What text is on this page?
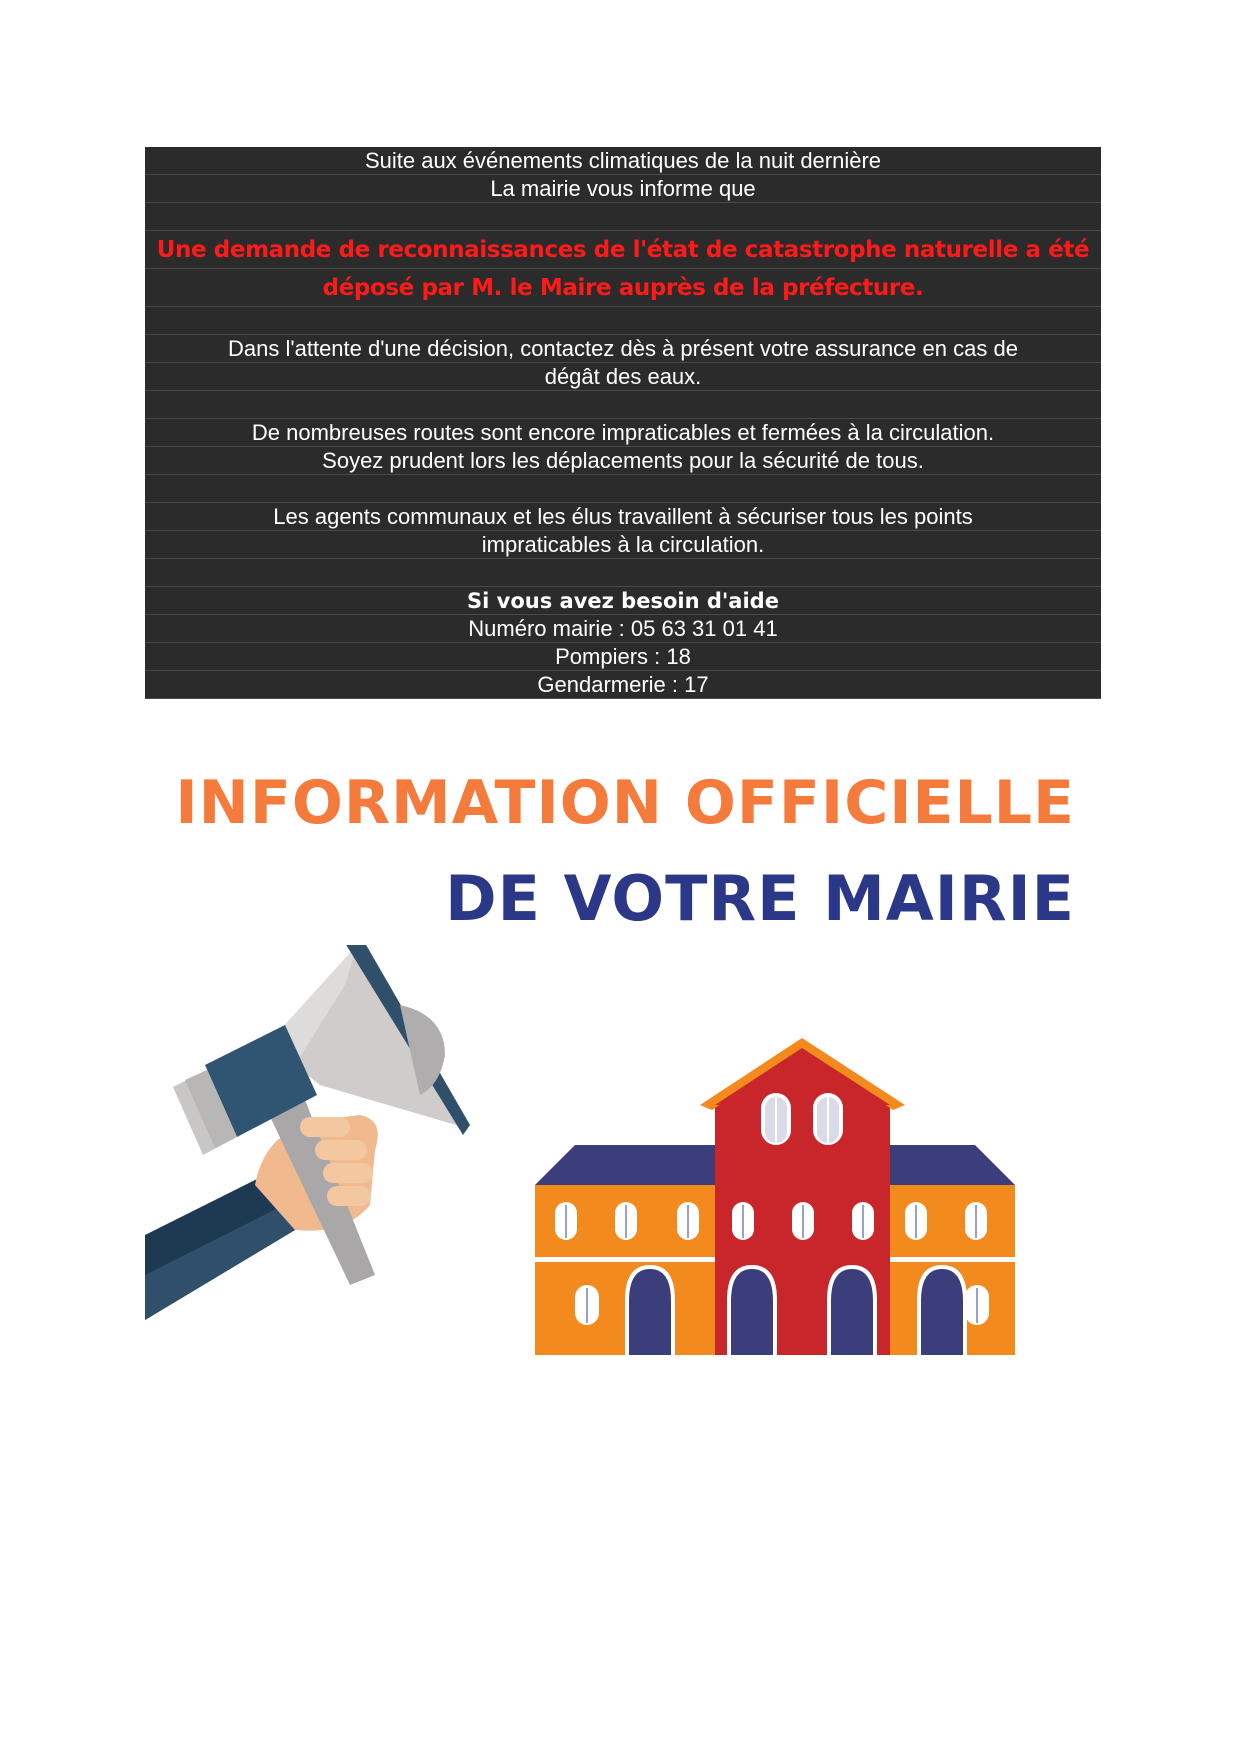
Suite aux événements climatiques de la nuit dernière
La mairie vous informe que
Une demande de reconnaissances de l'état de catastrophe naturelle a été
déposé par M. le Maire auprès de la préfecture.
Dans l'attente d'une décision, contactez dès à présent votre assurance en cas de
dégât des eaux.
De nombreuses routes sont encore impraticables et fermées à la circulation.
Soyez prudent lors les déplacements pour la sécurité de tous.
Les agents communaux et les élus travaillent à sécuriser tous les points
impraticables à la circulation.
Si vous avez besoin d'aide
Numéro mairie : 05 63 31 01 41
Pompiers : 18
Gendarmerie : 17
INFORMATION OFFICIELLE
DE VOTRE MAIRIE
